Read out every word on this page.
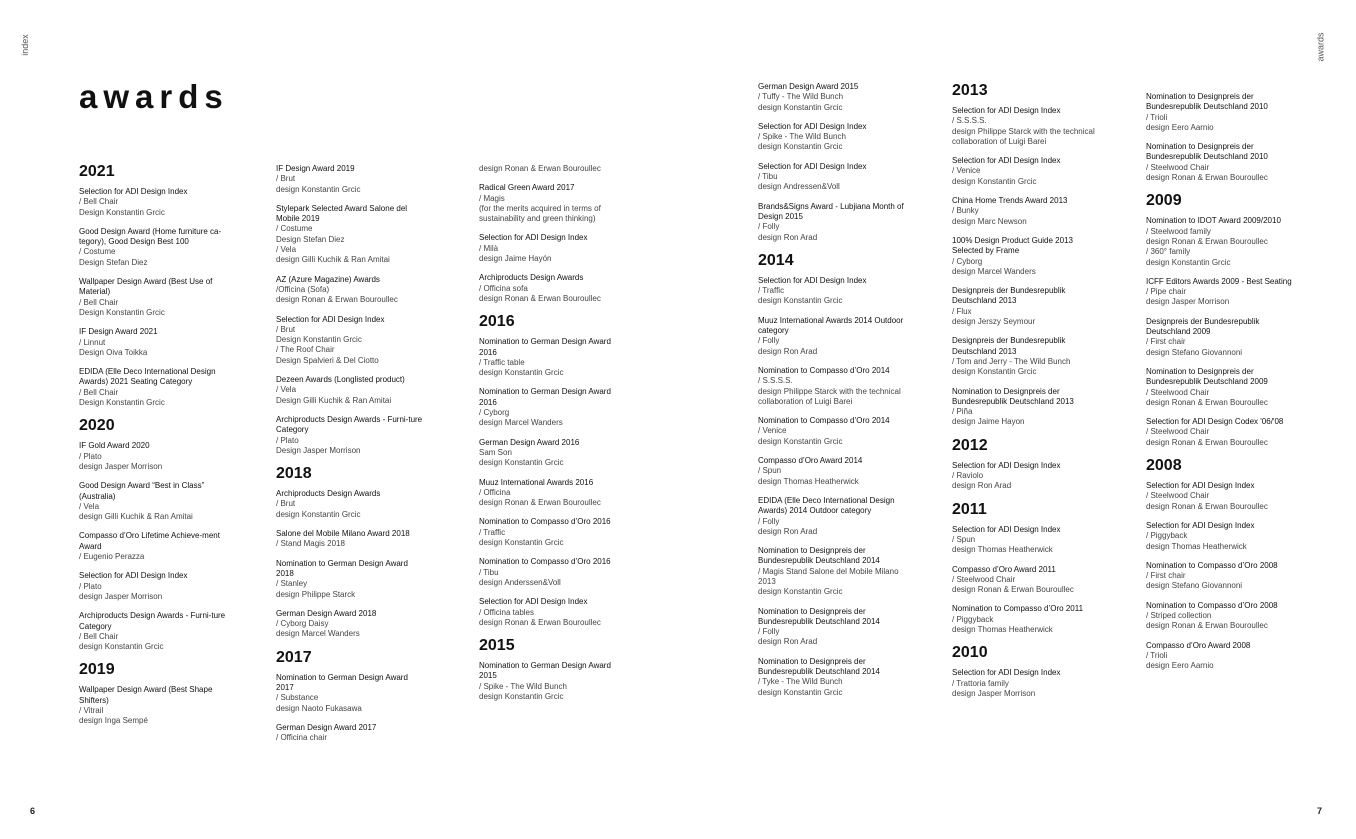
index
awards
2021
Selection for ADI Design Index
/ Bell Chair
Design Konstantin Grcic
Good Design Award (Home furniture ca-tegory), Good Design Best 100
/ Costume
Design Stefan Diez
Wallpaper Design Award (Best Use of Material)
/ Bell Chair
Design Konstantin Grcic
IF Design Award 2021
/ Linnut
Design Oiva Toikka
EDIDA (Elle Deco International Design Awards) 2021 Seating Category
/ Bell Chair
Design Konstantin Grcic
2020
IF Gold Award 2020
/ Plato
design Jasper Morrison
Good Design Award “Best in Class” (Australia)
/ Vela
design Gilli Kuchik & Ran Amitai
Compasso d’Oro Lifetime Achieve-ment Award
/ Eugenio Perazza
Selection for ADI Design Index
/ Plato
design Jasper Morrison
Archiproducts Design Awards - Furni-ture Category
/ Bell Chair
design Konstantin Grcic
2019
Wallpaper Design Award (Best Shape Shifters)
/ Vitrail
design Inga Sempé
IF Design Award 2019
/ Brut
design Konstantin Grcic
Stylepark Selected Award Salone del Mobile 2019
/ Costume
Design Stefan Diez
/ Vela
design Gilli Kuchik & Ran Amitai
AZ (Azure Magazine) Awards
/Officina (Sofa)
design Ronan & Erwan Bouroullec
Selection for ADI Design Index
/ Brut
Design Konstantin Grcic
/ The Roof Chair
Design Spalvieri & Del Ciotto
Dezeen Awards (Longlisted product)
/ Vela
Design Gilli Kuchik & Ran Amitai
Archiproducts Design Awards - Furni-ture Category
/ Plato
Design Jasper Morrison
2018
Archiproducts Design Awards
/ Brut
design Konstantin Grcic
Salone del Mobile Milano Award 2018
/ Stand Magis 2018
Nomination to German Design Award 2018
/ Stanley
design Philippe Starck
German Design Award 2018
/ Cyborg Daisy
design Marcel Wanders
2017
Nomination to German Design Award 2017
/ Substance
design Naoto Fukasawa
German Design Award 2017
/ Officina chair
design Ronan & Erwan Bouroullec
Radical Green Award 2017
/ Magis
(for the merits acquired in terms of sustainability and green thinking)
Selection for ADI Design Index
/ Milà
design Jaime Hayón
Archiproducts Design Awards
/ Officina sofa
design Ronan & Erwan Bouroullec
2016
Nomination to German Design Award 2016
/ Traffic table
design Konstantin Grcic
Nomination to German Design Award 2016
/ Cyborg
design Marcel Wanders
German Design Award 2016
Sam Son
design Konstantin Grcic
Muuz International Awards 2016
/ Officina
design Ronan & Erwan Bouroullec
Nomination to Compasso d’Oro 2016
/ Traffic
design Konstantin Grcic
Nomination to Compasso d’Oro 2016
/ Tibu
design Anderssen&Voll
Selection for ADI Design Index
/ Officina tables
design Ronan & Erwan Bouroullec
2015
Nomination to German Design Award 2015
/ Spike - The Wild Bunch
design Konstantin Grcic
6
awards
German Design Award 2015
/ Tuffy - The Wild Bunch
design Konstantin Grcic
Selection for ADI Design Index
/ Spike - The Wild Bunch
design Konstantin Grcic
Selection for ADI Design Index
/ Tibu
design Andressen&Voll
Brands&Signs Award - Lubjiana Month of Design 2015
/ Folly
design Ron Arad
2014
Selection for ADI Design Index
/ Traffic
design Konstantin Grcic
Muuz International Awards 2014 Outdoor category
/ Folly
design Ron Arad
Nomination to Compasso d’Oro 2014
/ S.S.S.S.
design Philippe Starck with the technical collaboration of Luigi Barei
Nomination to Compasso d’Oro 2014
/ Venice
design Konstantin Grcic
Compasso d’Oro Award 2014
/ Spun
design Thomas Heatherwick
EDIDA (Elle Deco International Design Awards) 2014 Outdoor category
/ Folly
design Ron Arad
Nomination to Designpreis der Bundesrepublik Deutschland 2014
/ Magis Stand Salone del Mobile Milano 2013
design Konstantin Grcic
Nomination to Designpreis der Bundesrepublik Deutschland 2014
/ Folly
design Ron Arad
Nomination to Designpreis der Bundesrepublik Deutschland 2014
/ Tyke - The Wild Bunch
design Konstantin Grcic
2013
Selection for ADI Design Index
/ S.S.S.S.
design Philippe Starck with the technical collaboration of Luigi Barei
Selection for ADI Design Index
/ Venice
design Konstantin Grcic
China Home Trends Award 2013
/ Bunky
design Marc Newson
100% Design Product Guide 2013 Selected by Frame
/ Cyborg
design Marcel Wanders
Designpreis der Bundesrepublik Deutschland 2013
/ Flux
design Jerszy Seymour
Designpreis der Bundesrepublik Deutschland 2013
/ Tom and Jerry - The Wild Bunch
design Konstantin Grcic
Nomination to Designpreis der Bundesrepublik Deutschland 2013
/ Piña
design Jaime Hayon
2012
Selection for ADI Design Index
/ Raviolo
design Ron Arad
2011
Selection for ADI Design Index
/ Spun
design Thomas Heatherwick
Compasso d’Oro Award 2011
/ Steelwood Chair
design Ronan & Erwan Bouroullec
Nomination to Compasso d’Oro 2011
/ Piggyback
design Thomas Heatherwick
2010
Selection for ADI Design Index
/ Trattoria family
design Jasper Morrison
Nomination to Designpreis der Bundesrepublik Deutschland 2010
/ Trioli
design Eero Aarnio
Nomination to Designpreis der Bundesrepublik Deutschland 2010
/ Steelwood Chair
design Ronan & Erwan Bouroullec
2009
Nomination to IDOT Award 2009/2010
/ Steelwood family
design Ronan & Erwan Bouroullec
/ 360° family
design Konstantin Grcic
ICFF Editors Awards 2009 - Best Seating
/ Pipe chair
design Jasper Morrison
Designpreis der Bundesrepublik Deutschland 2009
/ First chair
design Stefano Giovannoni
Nomination to Designpreis der Bundesrepublik Deutschland 2009
/ Steelwood Chair
design Ronan & Erwan Bouroullec
Selection for ADI Design Codex '06/'08
/ Steelwood Chair
design Ronan & Erwan Bouroullec
2008
Selection for ADI Design Index
/ Steelwood Chair
design Ronan & Erwan Bouroullec
Selection for ADI Design Index
/ Piggyback
design Thomas Heatherwick
Nomination to Compasso d’Oro 2008
/ First chair
design Stefano Giovannoni
Nomination to Compasso d’Oro 2008
/ Striped collection
design Ronan & Erwan Bouroullec
Compasso d’Oro Award 2008
/ Trioli
design Eero Aarnio
7
